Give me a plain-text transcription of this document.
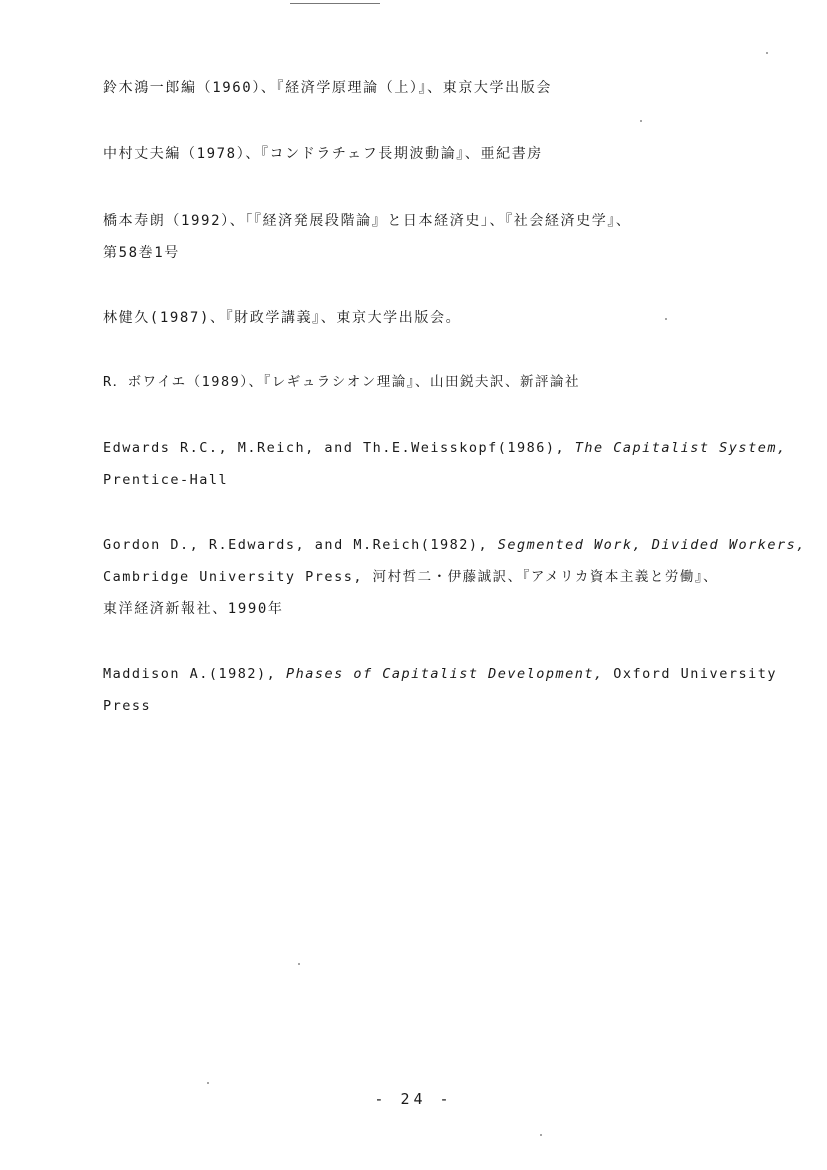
鈴木鴻一郎編（1960）、『経済学原理論（上）』、東京大学出版会
中村丈夫編（1978）、『コンドラチェフ長期波動論』、亜紀書房
橋本寿朗（1992）、「『経済発展段階論』と日本経済史」、『社会経済史学』、
第58巻1号
林健久(1987)、『財政学講義』、東京大学出版会。
R．ボワイエ（1989）、『レギュラシオン理論』、山田鋭夫訳、新評論社
Edwards R.C., M.Reich, and Th.E.Weisskopf(1986), The Capitalist System,
Prentice-Hall
Gordon D., R.Edwards, and M.Reich(1982), Segmented Work, Divided Workers,
Cambridge University Press, 河村哲二・伊藤誠訳、『アメリカ資本主義と労働』、
東洋経済新報社、1990年
Maddison A.(1982), Phases of Capitalist Development, Oxford University
Press
- 24 -
